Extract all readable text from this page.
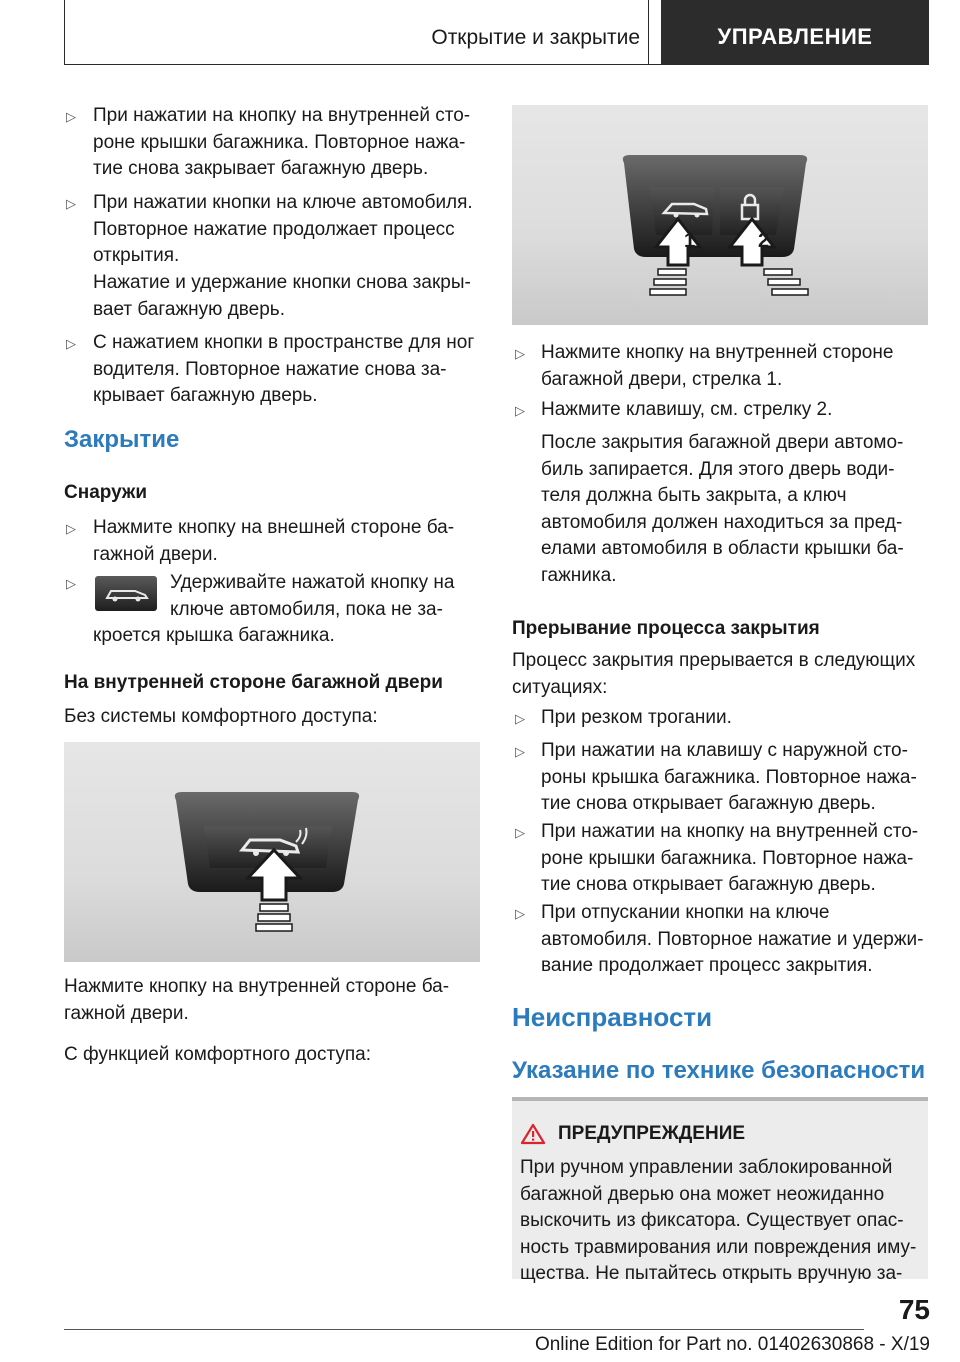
Открытие и закрытие	УПРАВЛЕНИЕ
▷ При нажатии на кнопку на внутренней сто-
роне крышки багажника. Повторное нажа-
тие снова закрывает багажную дверь.
▷ При нажатии кнопки на ключе автомобиля.
Повторное нажатие продолжает процесс
открытия.
Нажатие и удержание кнопки снова закры-
вает багажную дверь.
▷ С нажатием кнопки в пространстве для ног
водителя. Повторное нажатие снова за-
крывает багажную дверь.
Закрытие
Снаружи
▷ Нажмите кнопку на внешней стороне ба-
гажной двери.
▷	Удерживайте нажатой кнопку на
ключе автомобиля, пока не за-
кроется крышка багажника.
На внутренней стороне багажной двери
Без системы комфортного доступа:
Нажмите кнопку на внутренней стороне ба-
гажной двери.
С функцией комфортного доступа:
1	2
▷ Нажмите кнопку на внутренней стороне
багажной двери, стрелка 1.
▷ Нажмите клавишу, см. стрелку 2.
После закрытия багажной двери автомо-
биль запирается. Для этого дверь води-
теля должна быть закрыта, а ключ
автомобиля должен находиться за пред-
елами автомобиля в области крышки ба-
гажника.
Прерывание процесса закрытия
Процесс закрытия прерывается в следующих
ситуациях:
▷ При резком трогании.
▷ При нажатии на клавишу с наружной сто-
роны крышка багажника. Повторное нажа-
тие снова открывает багажную дверь.
▷ При нажатии на кнопку на внутренней сто-
роне крышки багажника. Повторное нажа-
тие снова открывает багажную дверь.
▷ При отпускании кнопки на ключе
автомобиля. Повторное нажатие и удержи-
вание продолжает процесс закрытия.
Неисправности
Указание по технике безопасности
ПРЕДУПРЕЖДЕНИЕ
При ручном управлении заблокированной
багажной дверью она может неожиданно
выскочить из фиксатора. Существует опас-
ность травмирования или повреждения иму-
щества. Не пытайтесь открыть вручную за-
75
Online Edition for Part no. 01402630868 - X/19
